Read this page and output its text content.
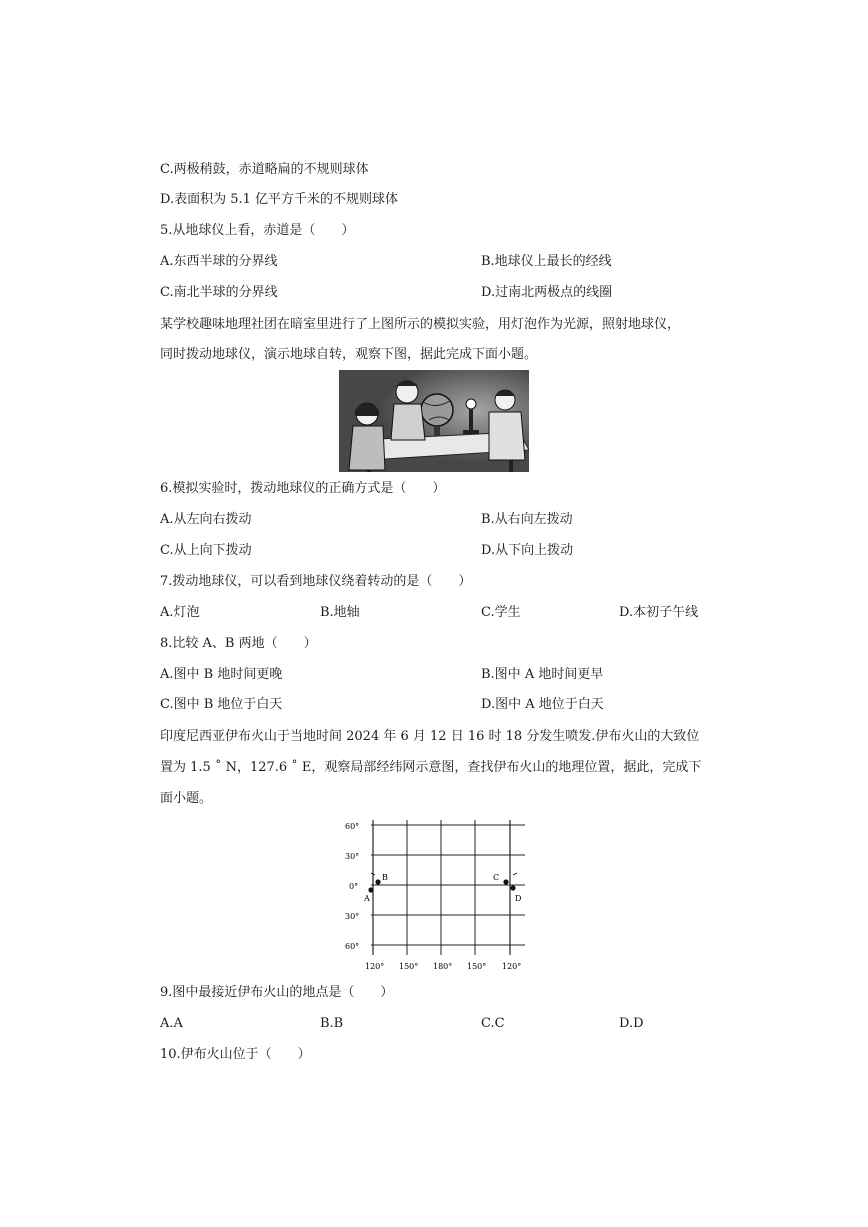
C.两极稍鼓，赤道略扁的不规则球体
D.表面积为 5.1 亿平方千米的不规则球体
5.从地球仪上看，赤道是（　　）
A.东西半球的分界线	B.地球仪上最长的经线
C.南北半球的分界线	D.过南北两极点的线圈
某学校趣味地理社团在暗室里进行了上图所示的模拟实验，用灯泡作为光源，照射地球仪，
同时拨动地球仪，演示地球自转，观察下图，据此完成下面小题。
6.模拟实验时，拨动地球仪的正确方式是（　　）
A.从左向右拨动	B.从右向左拨动
C.从上向下拨动	D.从下向上拨动
7.拨动地球仪，可以看到地球仪绕着转动的是（　　）
A.灯泡	B.地轴	C.学生	D.本初子午线
8.比较 A、B 两地（　　）
A.图中 B 地时间更晚	B.图中 A 地时间更早
C.图中 B 地位于白天	D.图中 A 地位于白天
印度尼西亚伊布火山于当地时间 2024 年 6 月 12 日 16 时 18 分发生喷发.伊布火山的大致位
置为 1.5 ˚ N，127.6 ˚ E，观察局部经纬网示意图，查找伊布火山的地理位置，据此，完成下
面小题。
60°
30°
0°
30°
60°
120° 150° 180° 150° 120°
A
B	C
D
9.图中最接近伊布火山的地点是（　　）
A.A	B.B	C.C	D.D
10.伊布火山位于（　　）
